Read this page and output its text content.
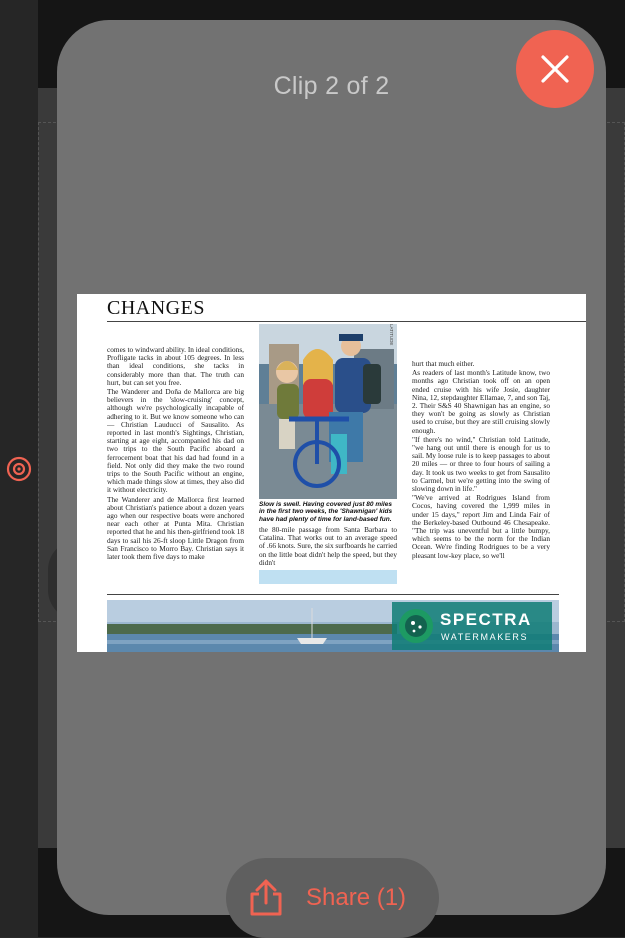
Clip 2 of 2
CHANGES

comes to windward ability. In ideal conditions, Profligate tacks in about 105 degrees. In less than ideal conditions, she tacks in considerably more than that. The truth can hurt, but can set you free.

The Wanderer and Doña de Mallorca are big believers in the 'slow-cruising' concept, although we're psychologically incapable of adhering to it. But we know someone who can — Christian Lauducci of Sausalito. As reported in last month's Sightings, Christian, starting at age eight, accompanied his dad on two trips to the South Pacific aboard a ferrocement boat that his dad had found in a field. Not only did they make the two round trips to the South Pacific without an engine, which made things slow at times, they also did it without electricity.

The Wanderer and de Mallorca first learned about Christian's patience about a dozen years ago when our respective boats were anchored near each other at Punta Mita. Christian reported that he and his then-girlfriend took 18 days to sail his 26-ft sloop Little Dragon from San Francisco to Morro Bay. Christian says it later took them five days to make

Slow is swell. Having covered just 80 miles in the first two weeks, the 'Shawnigan' kids have had plenty of time for land-based fun.
LATITUDE

the 80-mile passage from Santa Barbara to Catalina. That works out to an average speed of .66 knots. Sure, the six surfboards he carried on the little boat didn't help the speed, but they didn't

hurt that much either.

As readers of last month's Latitude know, two months ago Christian took off on an open ended cruise with his wife Josie, daughter Nina, 12, stepdaughter Ellamae, 7, and son Taj, 2. Their S&S 40 Shawnigan has an engine, so they won't be going as slowly as Christian used to cruise, but they are still cruising slowly enough.

"If there's no wind," Christian told Latitude, "we hang out until there is enough for us to sail. My loose rule is to keep passages to about 20 miles — or three to four hours of sailing a day. It took us two weeks to get from Sausalito to Carmel, but we're getting into the swing of slowing down in life."

"We've arrived at Rodrigues Island from Cocos, having covered the 1,999 miles in under 15 days," report Jim and Linda Fair of the Berkeley-based Outbound 46 Chesapeake. "The trip was uneventful but a little bumpy, which seems to be the norm for the Indian Ocean. We're finding Rodrigues to be a very pleasant low-key place, so we'll

SPECTRA
WATERMAKERS
Share (1)
